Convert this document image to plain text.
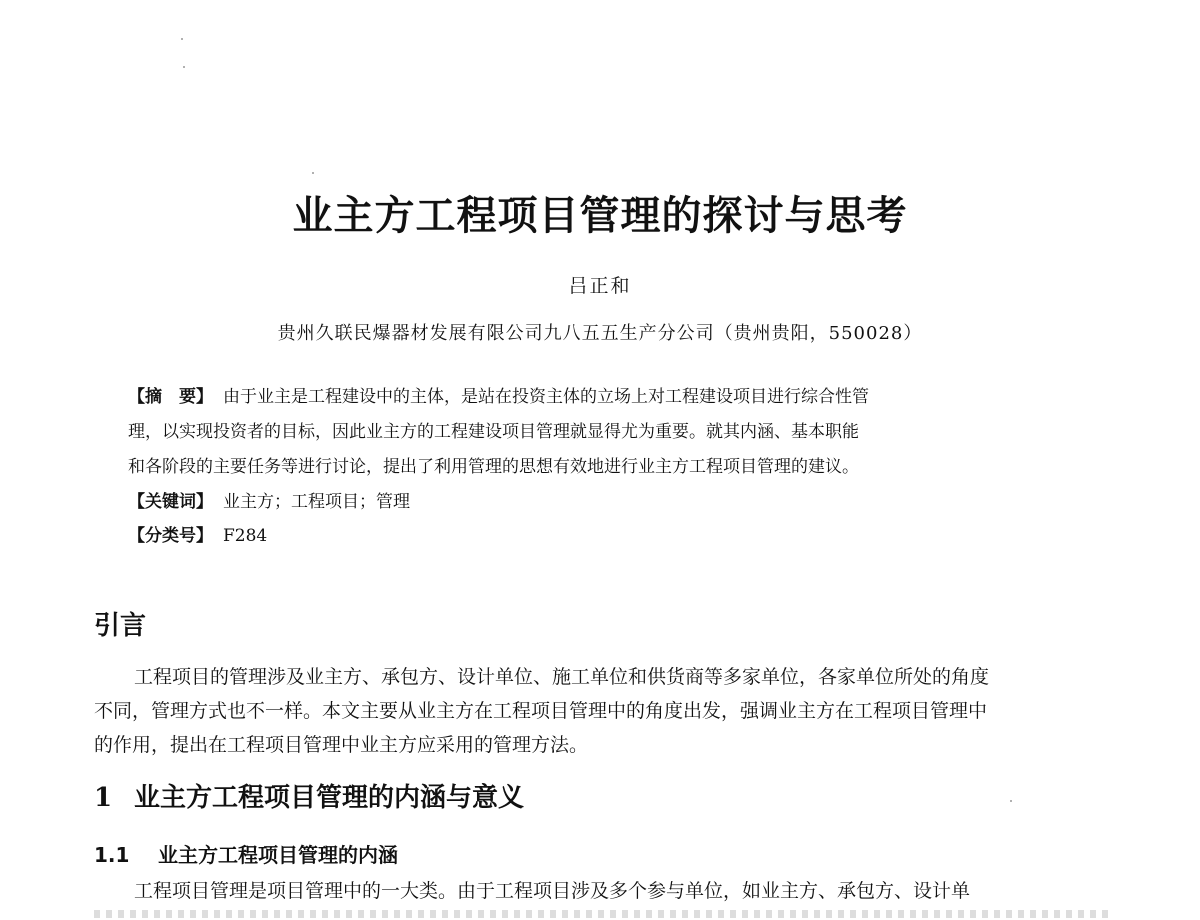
业主方工程项目管理的探讨与思考
吕正和
贵州久联民爆器材发展有限公司九八五五生产分公司（贵州贵阳，550028）
【摘　要】 由于业主是工程建设中的主体，是站在投资主体的立场上对工程建设项目进行综合性管
理，以实现投资者的目标，因此业主方的工程建设项目管理就显得尤为重要。就其内涵、基本职能
和各阶段的主要任务等进行讨论，提出了利用管理的思想有效地进行业主方工程项目管理的建议。
【关键词】 业主方；工程项目；管理
【分类号】 F284
引言
工程项目的管理涉及业主方、承包方、设计单位、施工单位和供货商等多家单位，各家单位所处的角度
不同，管理方式也不一样。本文主要从业主方在工程项目管理中的角度出发，强调业主方在工程项目管理中
的作用，提出在工程项目管理中业主方应采用的管理方法。
1 业主方工程项目管理的内涵与意义
1.1 业主方工程项目管理的内涵
工程项目管理是项目管理中的一大类。由于工程项目涉及多个参与单位，如业主方、承包方、设计单
